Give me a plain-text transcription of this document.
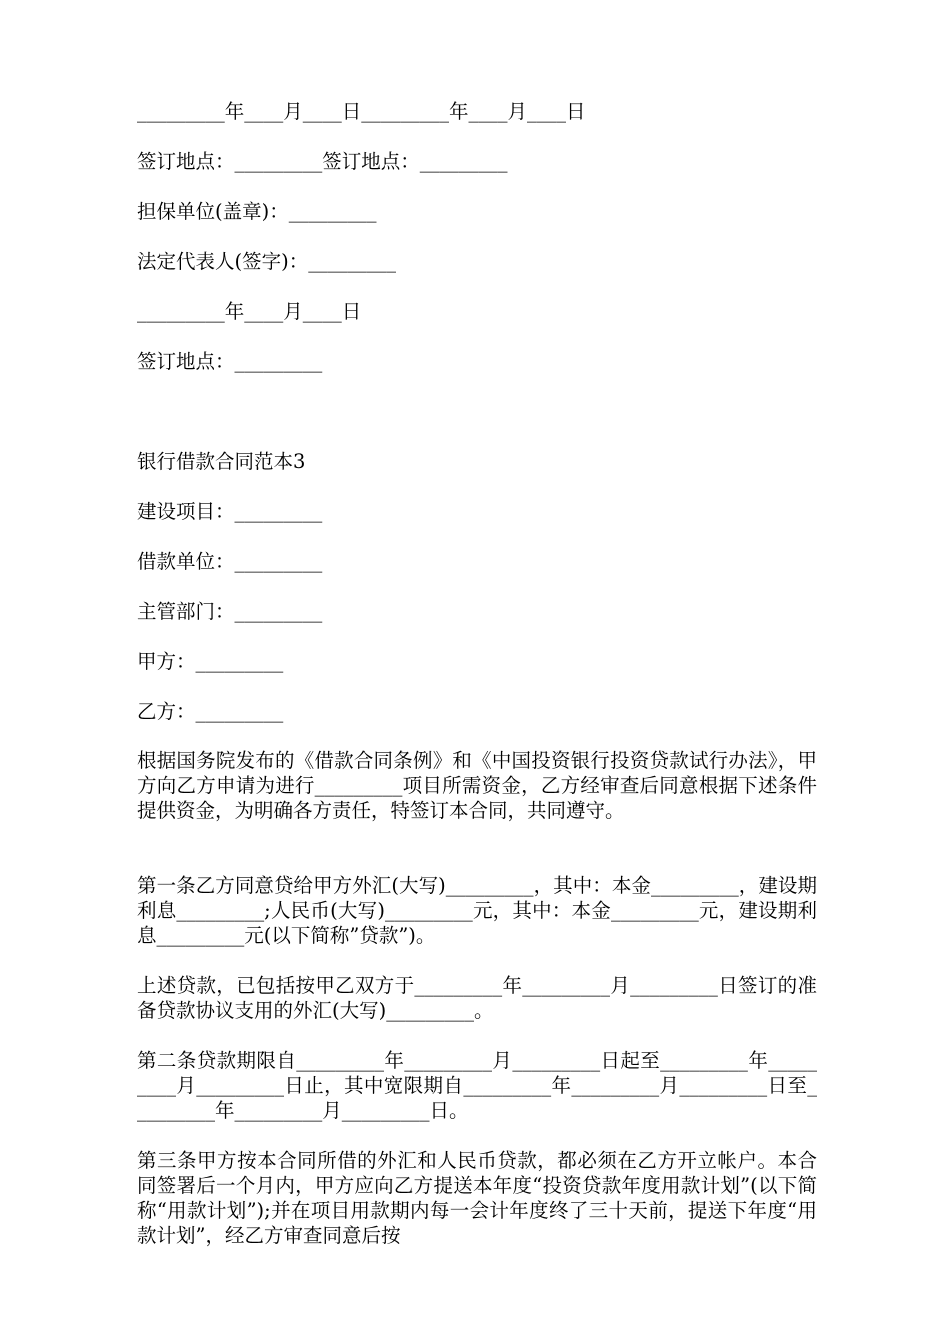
_________年____月____日_________年____月____日
签订地点：_________签订地点：_________
担保单位(盖章)：_________
法定代表人(签字)：_________
_________年____月____日
签订地点：_________
银行借款合同范本3
建设项目：_________
借款单位：_________
主管部门：_________
甲方：_________
乙方：_________
根据国务院发布的《借款合同条例》和《中国投资银行投资贷款试行办法》，甲方向乙方申请为进行_________项目所需资金，乙方经审查后同意根据下述条件提供资金，为明确各方责任，特签订本合同，共同遵守。
第一条乙方同意贷给甲方外汇(大写)_________，其中：本金_________，建设期利息_________;人民币(大写)_________元，其中：本金_________元，建设期利息_________元(以下简称”贷款”)。
上述贷款，已包括按甲乙双方于_________年_________月_________日签订的准备贷款协议支用的外汇(大写)_________。
第二条贷款期限自_________年_________月_________日起至_________年_________月_________日止，其中宽限期自_________年_________月_________日至_________年_________月_________日。
第三条甲方按本合同所借的外汇和人民币贷款，都必须在乙方开立帐户。本合同签署后一个月内，甲方应向乙方提送本年度“投资贷款年度用款计划”(以下简称“用款计划”);并在项目用款期内每一会计年度终了三十天前，提送下年度“用款计划”，经乙方审查同意后按
